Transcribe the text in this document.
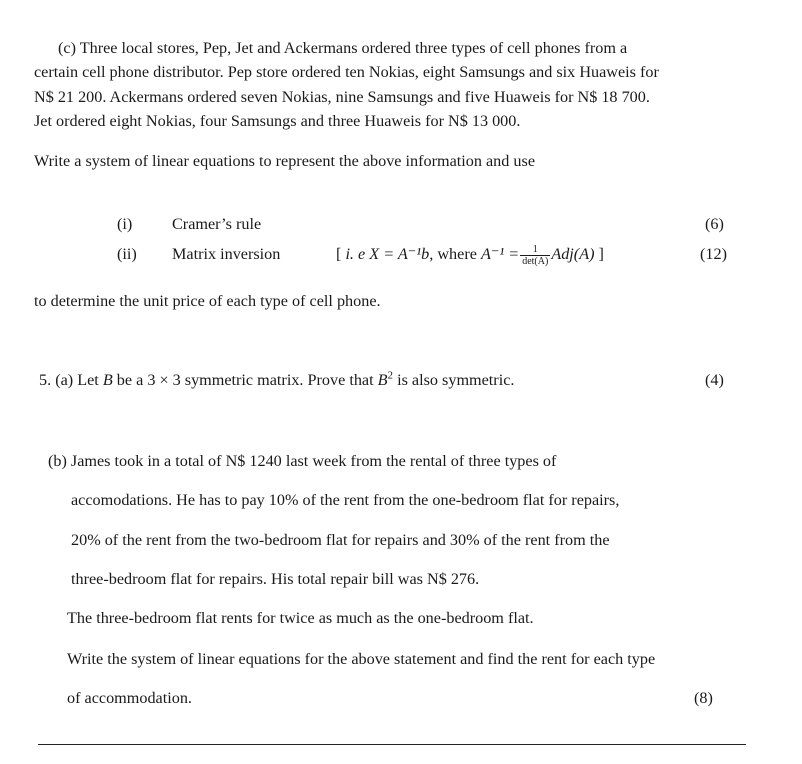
(c) Three local stores, Pep, Jet and Ackermans ordered three types of cell phones from a
certain cell phone distributor. Pep store ordered ten Nokias, eight Samsungs and six Huaweis for
N$ 21 200. Ackermans ordered seven Nokias, nine Samsungs and five Huaweis for N$ 18 700.
Jet ordered eight Nokias, four Samsungs and three Huaweis for N$ 13 000.
Write a system of linear equations to represent the above information and use
(i) Cramer’s rule	(6)
(ii) Matrix inversion	[ i. e X = A⁻¹b, where $A^{-1} = \frac{1}{\det(A)} Adj(A)$ ]	(12)
to determine the unit price of each type of cell phone.
5. (a) Let B be a 3 × 3 symmetric matrix. Prove that $B^2$ is also symmetric.	(4)
(b) James took in a total of N$ 1240 last week from the rental of three types of
accomodations. He has to pay 10% of the rent from the one-bedroom flat for repairs,
20% of the rent from the two-bedroom flat for repairs and 30% of the rent from the
three-bedroom flat for repairs. His total repair bill was N$ 276.
The three-bedroom flat rents for twice as much as the one-bedroom flat.
Write the system of linear equations for the above statement and find the rent for each type
of accommodation.	(8)
